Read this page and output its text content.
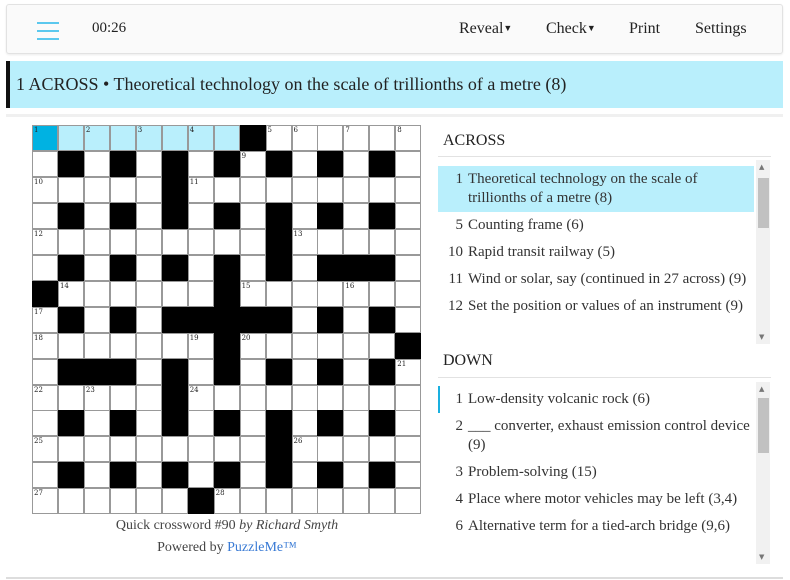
00:26	Reveal▼ Check▼ Print Settings
1 ACROSS • Theoretical technology on the scale of trillionths of a metre (8)
1	2	3	4	5	6	7	8
9
10	11
12	13
14	15	16
17
18	19	20
21
22	23	24
25	26
27	28
Quick crossword #90 by Richard Smyth
Powered by PuzzleMe™
ACROSS
1 Theoretical technology on the scale of trillionths of a metre (8)
5 Counting frame (6)
10 Rapid transit railway (5)
11 Wind or solar, say (continued in 27 across) (9)
12 Set the position or values of an instrument (9)
▲
▼
DOWN
1 Low-density volcanic rock (6)
2 ___ converter, exhaust emission control device (9)
3 Problem-solving (15)
4 Place where motor vehicles may be left (3,4)
6 Alternative term for a tied-arch bridge (9,6)
▲
▼
